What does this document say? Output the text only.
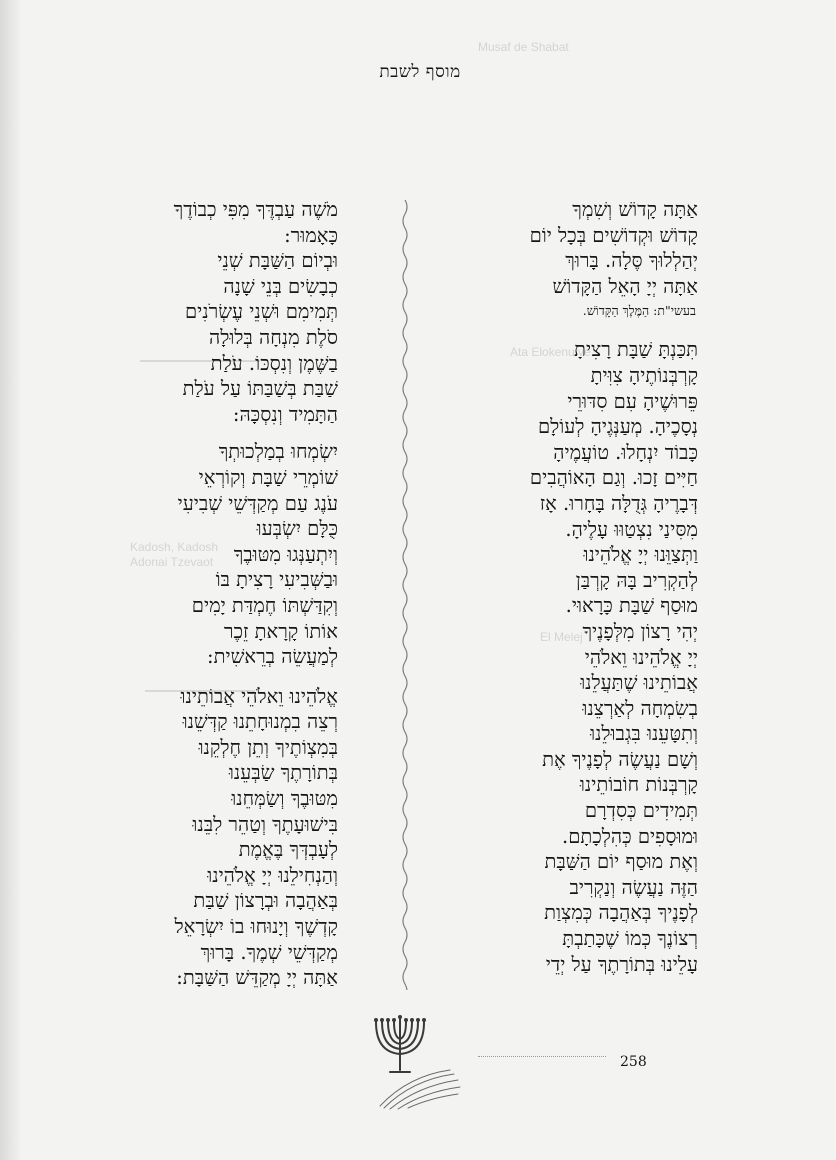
Musaf de Shabat
Ata Elokenu ve...
Kadosh, Kadosh
Adonai Tzevaot
El Melej
מוסף לשבת
אַתָּה קָדוֹשׁ וְשִׁמְךָ
קָדוֹשׁ וּקְדוֹשִׁים בְּכָל יוֹם
יְהַלְלוּךָ סֶּלָה. בָּרוּךְ
אַתָּה יְיָ הָאֵל הַקָּדוֹשׁ
בעשי"ת: הַמֶּלֶךְ הַקָּדוֹשׁ.
תִּכַּנְתָּ שַׁבָּת רָצִיתָ
קָרְבְּנוֹתֶיהָ צִוִּיתָ
פֵּרוּשֶׁיהָ עִם סִדּוּרֵי
נְסָכֶיהָ. מְעַנְּגֶיהָ לְעוֹלָם
כָּבוֹד יִנְחָלוּ. טוֹעֲמֶיהָ
חַיִּים זָכוּ. וְגַם הָאוֹהֲבִים
דְּבָרֶיהָ גְּדֻלָּה בָּחָרוּ. אָז
מִסִּינַי נִצְטַוּוּ עָלֶיהָ.
וַתְּצַוֵּנוּ יְיָ אֱלֹהֵינוּ
לְהַקְרִיב בָּהּ קָרְבַּן
מוּסַף שַׁבָּת כָּרָאוּי.
יְהִי רָצוֹן מִלְּפָנֶיךָ
יְיָ אֱלֹהֵינוּ וֵאלֹהֵי
אֲבוֹתֵינוּ שֶׁתַּעֲלֵנוּ
בְשִׂמְחָה לְאַרְצֵנוּ
וְתִטָּעֵנוּ בִּגְבוּלֵנוּ
וְשָׁם נַעֲשֶׂה לְפָנֶיךָ אֶת
קָרְבְּנוֹת חוֹבוֹתֵינוּ
תְּמִידִים כְּסִדְרָם
וּמוּסָפִים כְּהִלְכָתָם.
וְאֶת מוּסַף יוֹם הַשַּׁבָּת
הַזֶּה נַעֲשֶׂה וְנַקְרִיב
לְפָנֶיךָ בְּאַהֲבָה כְּמִצְוַת
רְצוֹנֶךָ כְּמוֹ שֶׁכָּתַבְתָּ
עָלֵינוּ בְּתוֹרָתֶךָ עַל יְדֵי
מֹשֶׁה עַבְדֶּךָ מִפִּי כְבוֹדֶךָ
כָּאָמוּר:
וּבְיוֹם הַשַּׁבָּת שְׁנֵי
כְבָשִׂים בְּנֵי שָׁנָה
תְּמִימִם וּשְׁנֵי עֶשְׂרֹנִים
סֹלֶת מִנְחָה בְּלוּלָה
בַשֶּׁמֶן וְנִסְכּוֹ. עֹלַת
שַׁבַּת בְּשַׁבַּתּוֹ עַל עֹלַת
הַתָּמִיד וְנִסְכָּהּ:
יִשְׂמְחוּ בְמַלְכוּתְךָ
שׁוֹמְרֵי שַׁבָּת וְקוֹרְאֵי
עֹנֶג עַם מְקַדְּשֵׁי שְׁבִיעִי
כֻּלָּם יִשְׂבְּעוּ
וְיִתְעַנְּגוּ מִטּוּבֶךָ
וּבַשְּׁבִיעִי רָצִיתָ בּוֹ
וְקִדַּשְׁתּוֹ חֶמְדַּת יָמִים
אוֹתוֹ קָרָאתָ זֵכֶר
לְמַעֲשֵׂה בְרֵאשִׁית:
אֱלֹהֵינוּ וֵאלֹהֵי אֲבוֹתֵינוּ
רְצֵה בִמְנוּחָתֵנוּ קַדְּשֵׁנוּ
בְּמִצְוֹתֶיךָ וְתֵן חֶלְקֵנוּ
בְּתוֹרָתֶךָ שַׂבְּעֵנוּ
מִטּוּבֶךָ וְשַׂמְּחֵנוּ
בִּישׁוּעָתֶךָ וְטַהֵר לִבֵּנוּ
לְעָבְדְּךָ בֶּאֱמֶת
וְהַנְחִילֵנוּ יְיָ אֱלֹהֵינוּ
בְּאַהֲבָה וּבְרָצוֹן שַׁבַּת
קָדְשֶׁךָ וְיָנוּחוּ בוֹ יִשְׂרָאֵל
מְקַדְּשֵׁי שְׁמֶךָ. בָּרוּךְ
אַתָּה יְיָ מְקַדֵּשׁ הַשַּׁבָּת:
258
